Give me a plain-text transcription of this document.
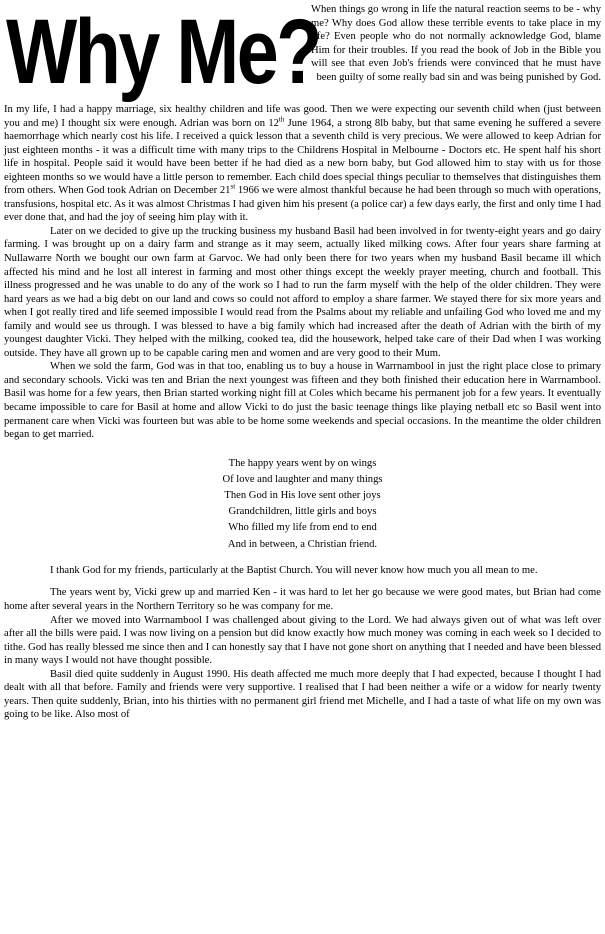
Why Me?

When things go wrong in life the natural reaction seems to be - why me? Why does God allow these terrible events to take place in my life? Even people who do not normally acknowledge God, blame Him for their troubles. If you read the book of Job in the Bible you will see that even Job's friends were convinced that he must have been guilty of some really bad sin and was being punished by God.

In my life, I had a happy marriage, six healthy children and life was good. Then we were expecting our seventh child when (just between you and me) I thought six were enough. Adrian was born on 12th June 1964, a strong 8lb baby, but that same evening he suffered a severe haemorrhage which nearly cost his life. I received a quick lesson that a seventh child is very precious. We were allowed to keep Adrian for just eighteen months - it was a difficult time with many trips to the Childrens Hospital in Melbourne - Doctors etc. He spent half his short life in hospital. People said it would have been better if he had died as a new born baby, but God allowed him to stay with us for those eighteen months so we would have a little person to remember. Each child does special things peculiar to themselves that distinguishes them from others. When God took Adrian on December 21st 1966 we were almost thankful because he had been through so much with operations, transfusions, hospital etc. As it was almost Christmas I had given him his present (a police car) a few days early, the first and only time I had ever done that, and had the joy of seeing him play with it.

Later on we decided to give up the trucking business my husband Basil had been involved in for twenty-eight years and go dairy farming. I was brought up on a dairy farm and strange as it may seem, actually liked milking cows. After four years share farming at Nullawarre North we bought our own farm at Garvoc. We had only been there for two years when my husband Basil became ill which affected his mind and he lost all interest in farming and most other things except the weekly prayer meeting, church and football. This illness progressed and he was unable to do any of the work so I had to run the farm myself with the help of the older children. They were hard years as we had a big debt on our land and cows so could not afford to employ a share farmer. We stayed there for six more years and when I got really tired and life seemed impossible I would read from the Psalms about my reliable and unfailing God who loved me and my family and would see us through. I was blessed to have a big family which had increased after the death of Adrian with the birth of my youngest daughter Vicki. They helped with the milking, cooked tea, did the housework, helped take care of their Dad when I was working outside. They have all grown up to be capable caring men and women and are very good to their Mum.

When we sold the farm, God was in that too, enabling us to buy a house in Warrnambool in just the right place close to primary and secondary schools. Vicki was ten and Brian the next youngest was fifteen and they both finished their education here in Warrnambool. Basil was home for a few years, then Brian started working night fill at Coles which became his permanent job for a few years. It eventually became impossible to care for Basil at home and allow Vicki to do just the basic teenage things like playing netball etc so Basil went into permanent care when Vicki was fourteen but was able to be home some weekends and special occasions. In the meantime the older children began to get married.

The happy years went by on wings
Of love and laughter and many things
Then God in His love sent other joys
Grandchildren, little girls and boys
Who filled my life from end to end
And in between, a Christian friend.

I thank God for my friends, particularly at the Baptist Church. You will never know how much you all mean to me.

The years went by, Vicki grew up and married Ken - it was hard to let her go because we were good mates, but Brian had come home after several years in the Northern Territory so he was company for me.

After we moved into Warrnambool I was challenged about giving to the Lord. We had always given out of what was left over after all the bills were paid. I was now living on a pension but did know exactly how much money was coming in each week so I decided to tithe. God has really blessed me since then and I can honestly say that I have not gone short on anything that I needed and have been blessed in many ways I would not have thought possible.

Basil died quite suddenly in August 1990. His death affected me much more deeply that I had expected, because I thought I had dealt with all that before. Family and friends were very supportive. I realised that I had been neither a wife or a widow for nearly twenty years. Then quite suddenly, Brian, into his thirties with no permanent girl friend met Michelle, and I had a taste of what life on my own was going to be like. Also most of
